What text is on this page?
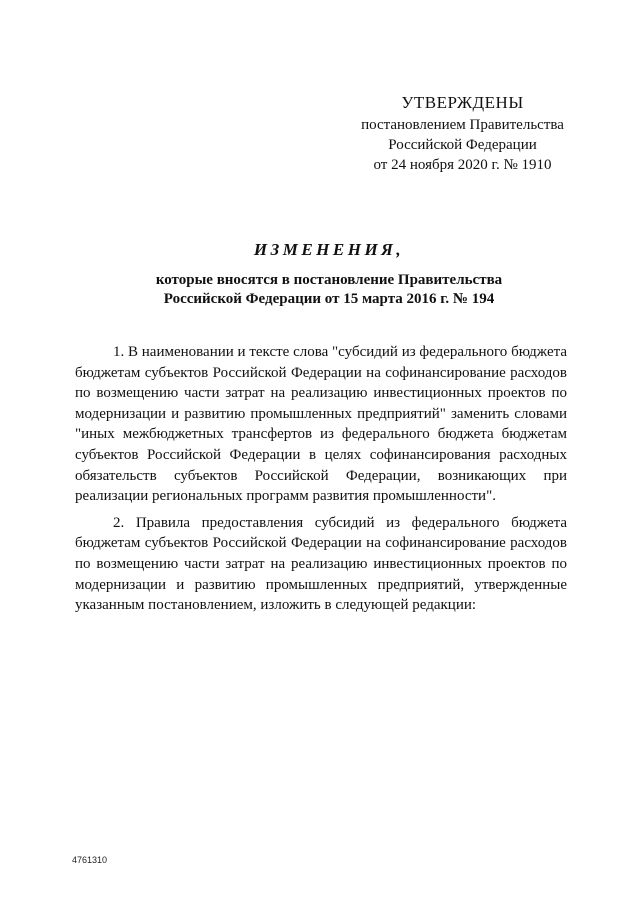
УТВЕРЖДЕНЫ
постановлением Правительства
Российской Федерации
от 24 ноября 2020 г. № 1910
ИЗМЕНЕНИЯ,
которые вносятся в постановление Правительства
Российской Федерации от 15 марта 2016 г. № 194

1. В наименовании и тексте слова "субсидий из федерального бюджета бюджетам субъектов Российской Федерации на софинансирование расходов по возмещению части затрат на реализацию инвестиционных проектов по модернизации и развитию промышленных предприятий" заменить словами "иных межбюджетных трансфертов из федерального бюджета бюджетам субъектов Российской Федерации в целях софинансирования расходных обязательств субъектов Российской Федерации, возникающих при реализации региональных программ развития промышленности".

2. Правила предоставления субсидий из федерального бюджета бюджетам субъектов Российской Федерации на софинансирование расходов по возмещению части затрат на реализацию инвестиционных проектов по модернизации и развитию промышленных предприятий, утвержденные указанным постановлением, изложить в следующей редакции:

4761310
